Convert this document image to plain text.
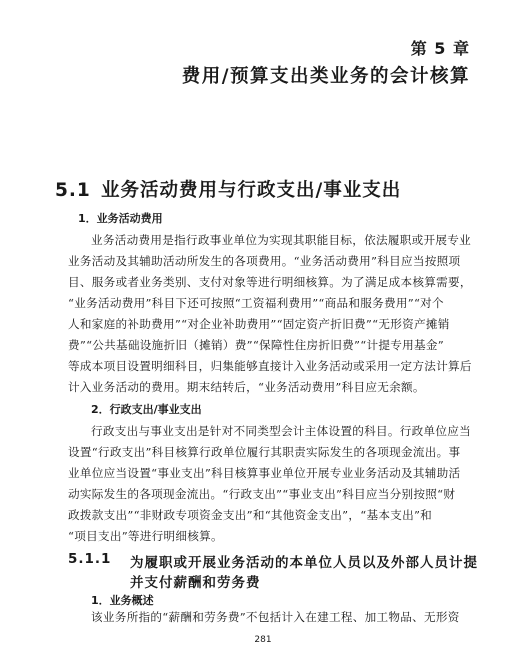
第 5 章
费用/预算支出类业务的会计核算
5.1 业务活动费用与行政支出/事业支出
1．业务活动费用
业务活动费用是指行政事业单位为实现其职能目标，依法履职或开展专业
业务活动及其辅助活动所发生的各项费用。“业务活动费用”科目应当按照项
目、服务或者业务类别、支付对象等进行明细核算。为了满足成本核算需要，
“业务活动费用”科目下还可按照“工资福利费用”“商品和服务费用”“对个
人和家庭的补助费用”“对企业补助费用”“固定资产折旧费”“无形资产摊销
费”“公共基础设施折旧（摊销）费”“保障性住房折旧费”“计提专用基金”
等成本项目设置明细科目，归集能够直接计入业务活动或采用一定方法计算后
计入业务活动的费用。期末结转后，“业务活动费用”科目应无余额。
2．行政支出/事业支出
行政支出与事业支出是针对不同类型会计主体设置的科目。行政单位应当
设置“行政支出”科目核算行政单位履行其职责实际发生的各项现金流出。事
业单位应当设置“事业支出”科目核算事业单位开展专业业务活动及其辅助活
动实际发生的各项现金流出。“行政支出”“事业支出”科目应当分别按照“财
政拨款支出”“非财政专项资金支出”和“其他资金支出”，“基本支出”和
“项目支出”等进行明细核算。
5.1.1 为履职或开展业务活动的本单位人员以及外部人员计提
并支付薪酬和劳务费
1．业务概述
该业务所指的“薪酬和劳务费”不包括计入在建工程、加工物品、无形资
281
